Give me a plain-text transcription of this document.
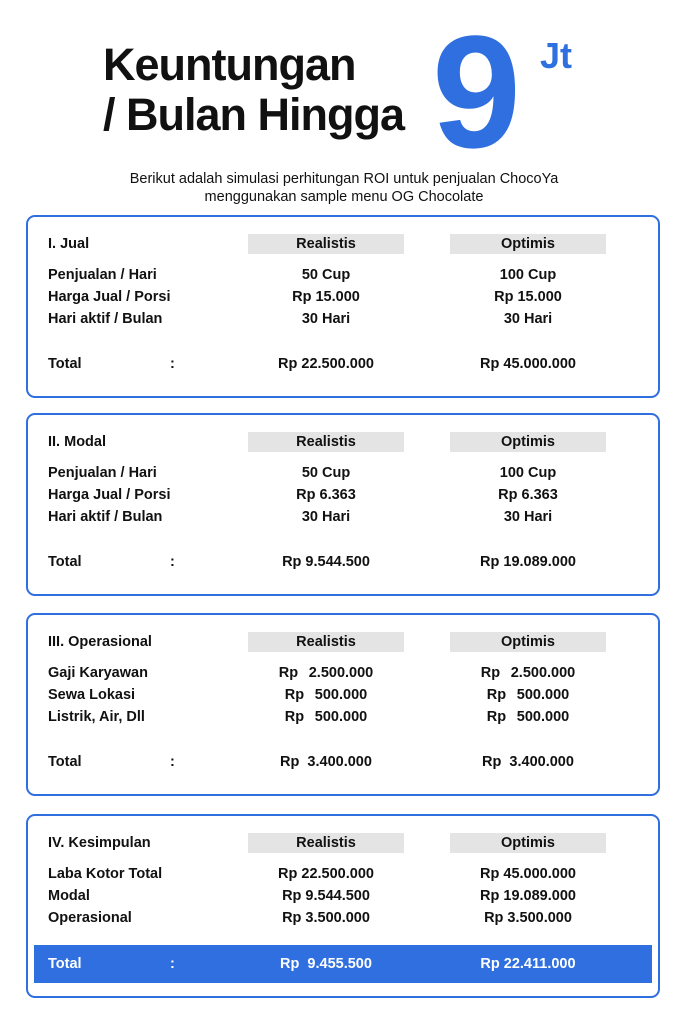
Keuntungan
/ Bulan Hingga 9 Jt
Berikut adalah simulasi perhitungan ROI untuk penjualan ChocoYa
menggunakan sample menu OG Chocolate
I. Jual	Realistis	Optimis
Penjualan / Hari	50 Cup	100 Cup
Harga Jual / Porsi	Rp 15.000	Rp 15.000
Hari aktif / Bulan	30 Hari	30 Hari
Total	:	Rp 22.500.000	Rp 45.000.000
II. Modal	Realistis	Optimis
Penjualan / Hari	50 Cup	100 Cup
Harga Jual / Porsi	Rp 6.363	Rp 6.363
Hari aktif / Bulan	30 Hari	30 Hari
Total	:	Rp 9.544.500	Rp 19.089.000
III. Operasional	Realistis	Optimis
Gaji Karyawan	Rp 2.500.000	Rp 2.500.000
Sewa Lokasi	Rp 500.000	Rp 500.000
Listrik, Air, Dll	Rp 500.000	Rp 500.000
Total	:	Rp  3.400.000	Rp  3.400.000
IV. Kesimpulan	Realistis	Optimis
Laba Kotor Total	Rp 22.500.000	Rp 45.000.000
Modal	Rp 9.544.500	Rp 19.089.000
Operasional	Rp 3.500.000	Rp 3.500.000
Total	:	Rp  9.455.500	Rp 22.411.000
